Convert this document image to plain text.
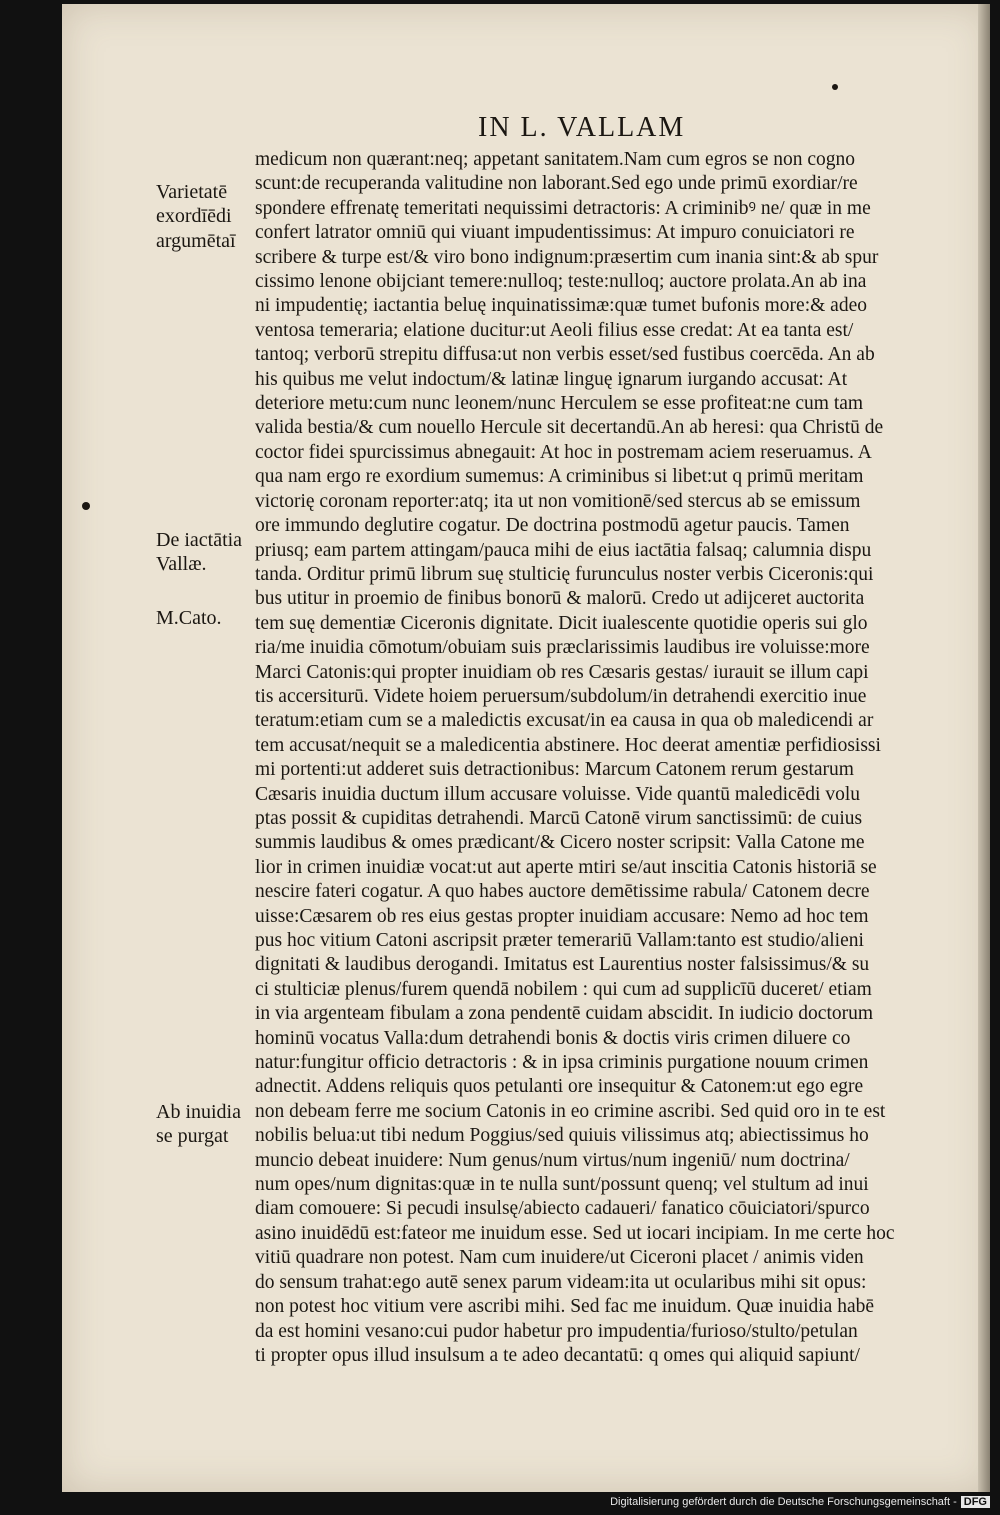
IN L. VALLAM
Varietatē
exordīēdi
argumētaī
De iactātia
Vallæ.
M.Cato.
Ab inuidia
se purgat
medicum non quærant:neq; appetant sanitatem.Nam cum egros se non cogno
scunt:de recuperanda valitudine non laborant.Sed ego unde primū exordiar/re
spondere effrenatę temeritati nequissimi detractoris: A criminibꝰ ne/ quæ in me
confert latrator omniū qui viuant impudentissimus: At impuro conuiciatori re
scribere & turpe est/& viro bono indignum:præsertim cum inania sint:& ab spur
cissimo lenone obijciant temere:nulloq; teste:nulloq; auctore prolata.An ab ina
ni impudentię; iactantia beluę inquinatissimæ:quæ tumet bufonis more:& adeo
ventosa temeraria; elatione ducitur:ut Aeoli filius esse credat: At ea tanta est/
tantoq; verborū strepitu diffusa:ut non verbis esset/sed fustibus coercēda. An ab
his quibus me velut indoctum/& latinæ linguę ignarum iurgando accusat: At
deteriore metu:cum nunc leonem/nunc Herculem se esse profiteat:ne cum tam
valida bestia/& cum nouello Hercule sit decertandū.An ab heresi: qua Christū de
coctor fidei spurcissimus abnegauit: At hoc in postremam aciem reseruamus. A
qua nam ergo re exordium sumemus: A criminibus si libet:ut q primū meritam
victorię coronam reporter:atq; ita ut non vomitionē/sed stercus ab se emissum
ore immundo deglutire cogatur. De doctrina postmodū agetur paucis. Tamen
priusq; eam partem attingam/pauca mihi de eius iactātia falsaq; calumnia dispu
tanda. Orditur primū librum suę stulticię furunculus noster verbis Ciceronis:qui
bus utitur in proemio de finibus bonorū & malorū. Credo ut adijceret auctorita
tem suę dementiæ Ciceronis dignitate. Dicit iualescente quotidie operis sui glo
ria/me inuidia cōmotum/obuiam suis præclarissimis laudibus ire voluisse:more
Marci Catonis:qui propter inuidiam ob res Cæsaris gestas/ iurauit se illum capi
tis accersiturū. Videte hoiem peruersum/subdolum/in detrahendi exercitio inue
teratum:etiam cum se a maledictis excusat/in ea causa in qua ob maledicendi ar
tem accusat/nequit se a maledicentia abstinere. Hoc deerat amentiæ perfidiosissi
mi portenti:ut adderet suis detractionibus: Marcum Catonem rerum gestarum
Cæsaris inuidia ductum illum accusare voluisse. Vide quantū maledicēdi volu
ptas possit & cupiditas detrahendi. Marcū Catonē virum sanctissimū: de cuius
summis laudibus & omes prædicant/& Cicero noster scripsit: Valla Catone me
lior in crimen inuidiæ vocat:ut aut aperte mtiri se/aut inscitia Catonis historiā se
nescire fateri cogatur. A quo habes auctore demētissime rabula/ Catonem decre
uisse:Cæsarem ob res eius gestas propter inuidiam accusare: Nemo ad hoc tem
pus hoc vitium Catoni ascripsit præter temerariū Vallam:tanto est studio/alieni
dignitati & laudibus derogandi. Imitatus est Laurentius noster falsissimus/& su
ci stulticiæ plenus/furem quendā nobilem : qui cum ad supplicīū duceret/ etiam
in via argenteam fibulam a zona pendentē cuidam abscidit. In iudicio doctorum
hominū vocatus Valla:dum detrahendi bonis & doctis viris crimen diluere co
natur:fungitur officio detractoris : & in ipsa criminis purgatione nouum crimen
adnectit. Addens reliquis quos petulanti ore insequitur & Catonem:ut ego egre
non debeam ferre me socium Catonis in eo crimine ascribi. Sed quid oro in te est
nobilis belua:ut tibi nedum Poggius/sed quiuis vilissimus atq; abiectissimus ho
muncio debeat inuidere: Num genus/num virtus/num ingeniū/ num doctrina/
num opes/num dignitas:quæ in te nulla sunt/possunt quenq; vel stultum ad inui
diam comouere: Si pecudi insulsę/abiecto cadaueri/ fanatico cōuiciatori/spurco
asino inuidēdū est:fateor me inuidum esse. Sed ut iocari incipiam. In me certe hoc
vitiū quadrare non potest. Nam cum inuidere/ut Ciceroni placet / animis viden
do sensum trahat:ego autē senex parum videam:ita ut ocularibus mihi sit opus:
non potest hoc vitium vere ascribi mihi. Sed fac me inuidum. Quæ inuidia habē
da est homini vesano:cui pudor habetur pro impudentia/furioso/stulto/petulan
ti propter opus illud insulsum a te adeo decantatū: q omes qui aliquid sapiunt/
Digitalisierung gefördert durch die Deutsche Forschungsgemeinschaft - DFG
